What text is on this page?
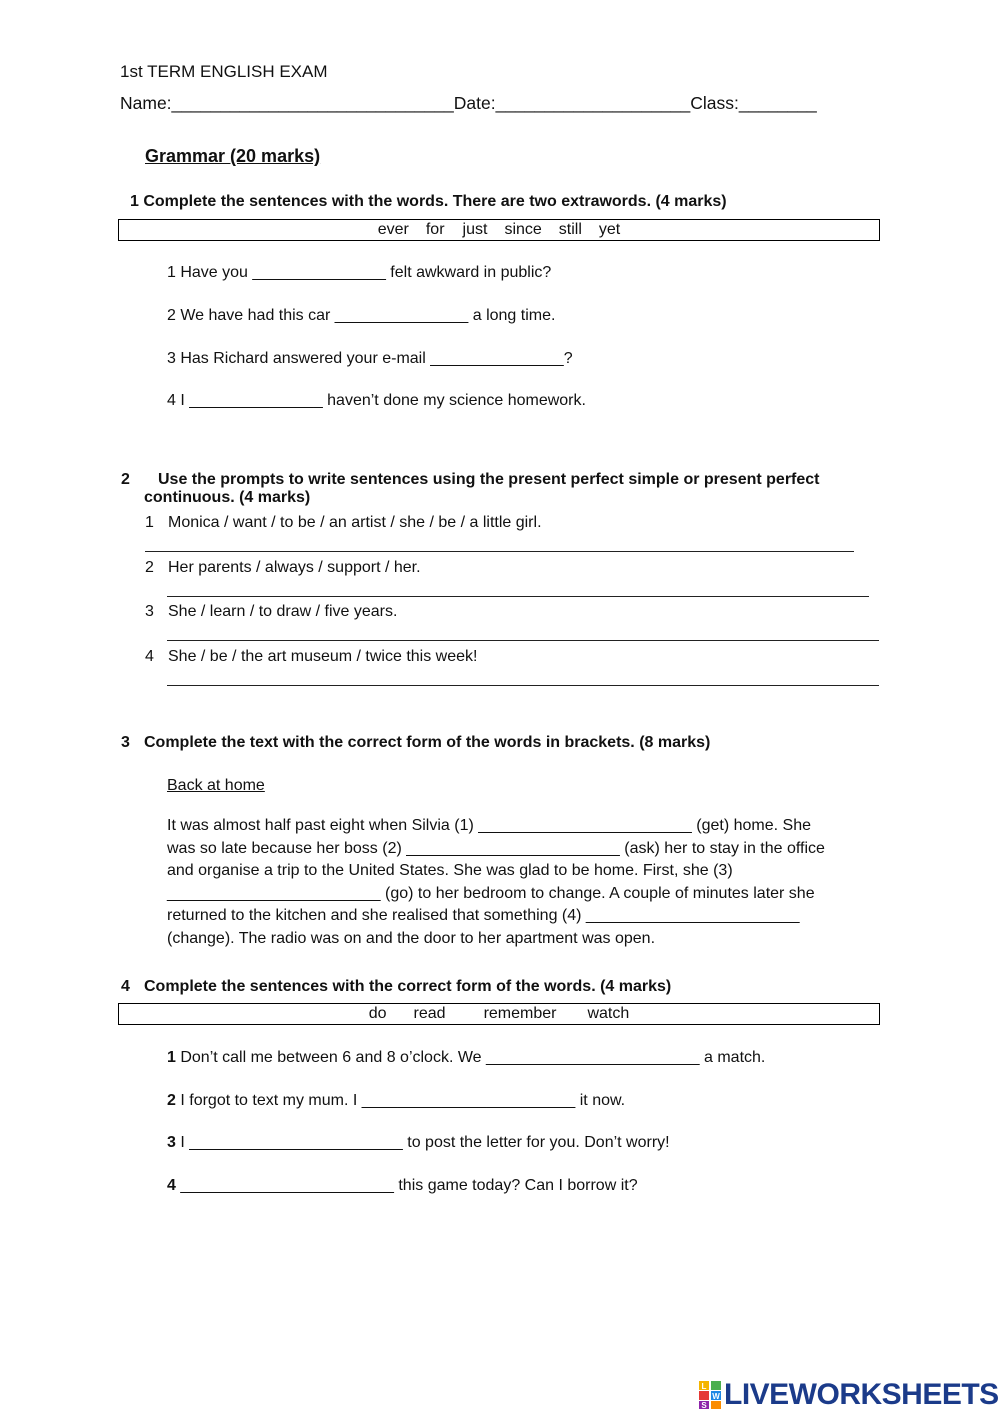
1st TERM ENGLISH EXAM
Name:_____________________________Date:____________________Class:________
Grammar (20 marks)
1 Complete the sentences with the words. There are two extrawords. (4 marks)
ever for just since still yet
1 Have you _______________ felt awkward in public?
2 We have had this car _______________ a long time.
3 Has Richard answered your e-mail _______________?
4 I _______________ haven’t done my science homework.
2 Use the prompts to write sentences using the present perfect simple or present perfect
continuous. (4 marks)
1 Monica / want / to be / an artist / she / be / a little girl.
2 Her parents / always / support / her.
3 She / learn / to draw / five years.
4 She / be / the art museum / twice this week!
3 Complete the text with the correct form of the words in brackets. (8 marks)
Back at home
It was almost half past eight when Silvia (1) ________________________ (get) home. She
was so late because her boss (2) ________________________ (ask) her to stay in the office
and organise a trip to the United States. She was glad to be home. First, she (3)
________________________ (go) to her bedroom to change. A couple of minutes later she
returned to the kitchen and she realised that something (4) ________________________
(change). The radio was on and the door to her apartment was open.
4 Complete the sentences with the correct form of the words. (4 marks)
do read remember watch
1 Don’t call me between 6 and 8 o’clock. We ________________________ a match.
2 I forgot to text my mum. I ________________________ it now.
3 I ________________________ to post the letter for you. Don’t worry!
4 ________________________ this game today? Can I borrow it?
L
W
S LIVEWORKSHEETS
